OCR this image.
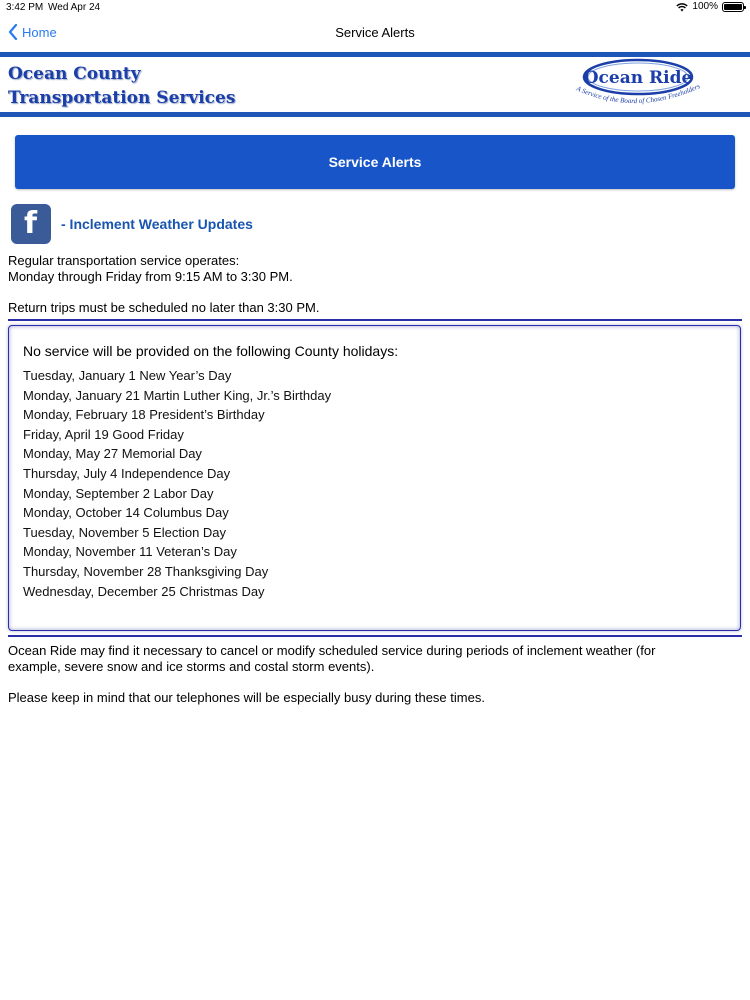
3:42 PM Wed Apr 24	100%
Home	Service Alerts
Ocean County
Transportation Services
Ocean Ride
A Service of the Board of Chosen Freeholders
Service Alerts
f - Inclement Weather Updates
Regular transportation service operates:
Monday through Friday from 9:15 AM to 3:30 PM.
Return trips must be scheduled no later than 3:30 PM.
No service will be provided on the following County holidays:
Tuesday, January 1 New Year’s Day
Monday, January 21 Martin Luther King, Jr.’s Birthday
Monday, February 18 President’s Birthday
Friday, April 19 Good Friday
Monday, May 27 Memorial Day
Thursday, July 4 Independence Day
Monday, September 2 Labor Day
Monday, October 14 Columbus Day
Tuesday, November 5 Election Day
Monday, November 11 Veteran’s Day
Thursday, November 28 Thanksgiving Day
Wednesday, December 25 Christmas Day
Ocean Ride may find it necessary to cancel or modify scheduled service during periods of inclement weather (for
example, severe snow and ice storms and costal storm events).
Please keep in mind that our telephones will be especially busy during these times.
